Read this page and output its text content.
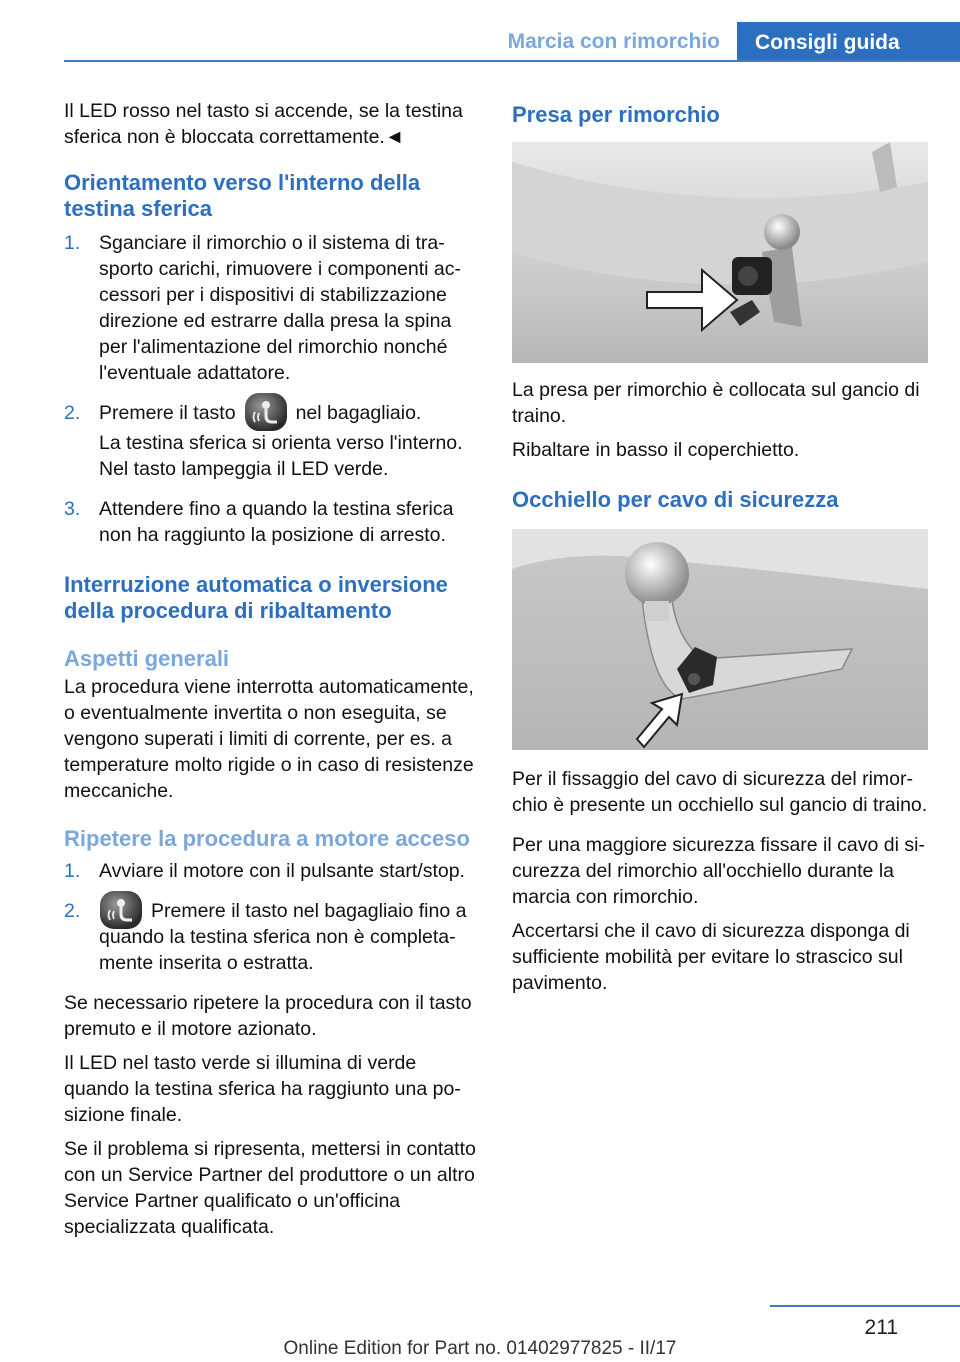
Marcia con rimorchio	Consigli guida

Il LED rosso nel tasto si accende, se la testina sferica non è bloccata correttamente.◄

Orientamento verso l'interno della testina sferica
1. Sganciare il rimorchio o il sistema di trasporto carichi, rimuovere i componenti accessori per i dispositivi di stabilizzazione direzione ed estrarre dalla presa la spina per l'alimentazione del rimorchio nonché l'eventuale adattatore.
2. Premere il tasto	nel bagagliaio.

La testina sferica si orienta verso l'interno. Nel tasto lampeggia il LED verde.

3. Attendere fino a quando la testina sferica non ha raggiunto la posizione di arresto.
Interruzione automatica o inversione della procedura di ribaltamento
Aspetti generali

La procedura viene interrotta automaticamente, o eventualmente invertita o non eseguita, se vengono superati i limiti di corrente, per es. a temperature molto rigide o in caso di resistenze meccaniche.

Ripetere la procedura a motore acceso
1. Avviare il motore con il pulsante start/stop.
2.	Premere il tasto nel bagagliaio fino a quando la testina sferica non è completamente inserita o estratta.

Se necessario ripetere la procedura con il tasto premuto e il motore azionato.

Il LED nel tasto verde si illumina di verde quando la testina sferica ha raggiunto una posizione finale.

Se il problema si ripresenta, mettersi in contatto con un Service Partner del produttore o un altro Service Partner qualificato o un'officina specializzata qualificata.

Presa per rimorchio

La presa per rimorchio è collocata sul gancio di traino.

Ribaltare in basso il coperchietto.

Occhiello per cavo di sicurezza

Per il fissaggio del cavo di sicurezza del rimorchio è presente un occhiello sul gancio di traino.

Per una maggiore sicurezza fissare il cavo di sicurezza del rimorchio all'occhiello durante la marcia con rimorchio.

Accertarsi che il cavo di sicurezza disponga di sufficiente mobilità per evitare lo strascico sul pavimento.

211
Online Edition for Part no. 01402977825 - II/17
